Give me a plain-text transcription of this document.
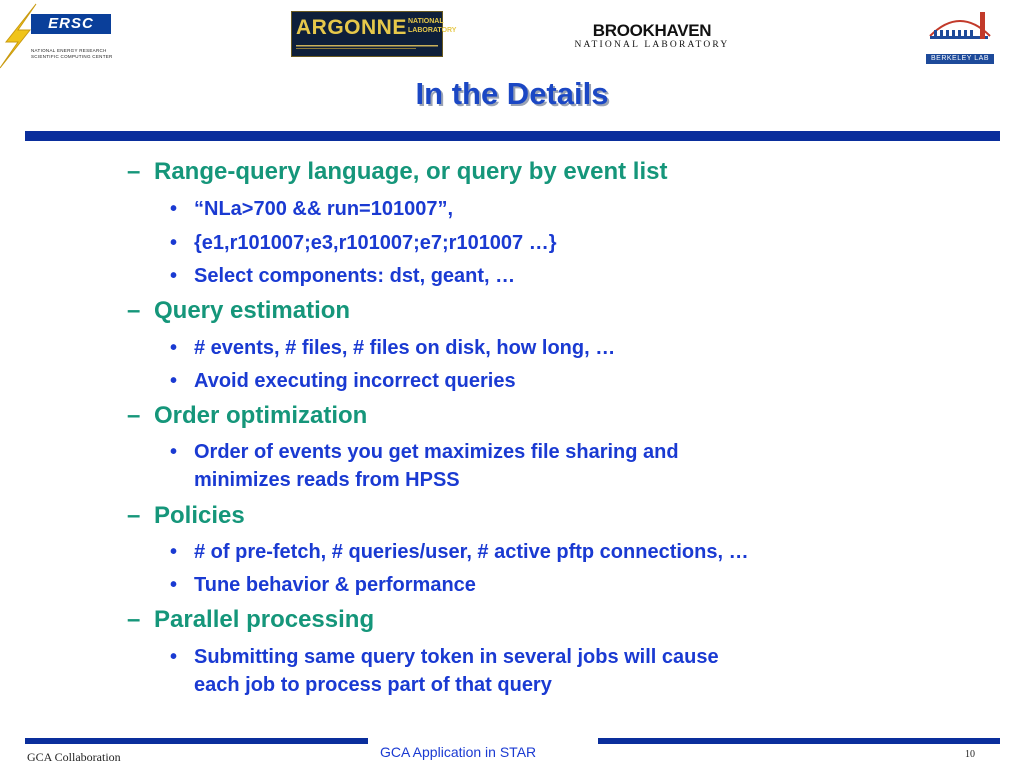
ERSC
NATIONAL ENERGY RESEARCH
SCIENTIFIC COMPUTING CENTER
ARGONNE NATIONAL
LABORATORY	BROOKHAVEN
NATIONAL LABORATORY
BERKELEY LAB
In the Details
– Range-query language, or query by event list
• “NLa>700 && run=101007”,
• {e1,r101007;e3,r101007;e7;r101007 …}
• Select components: dst, geant, …
– Query estimation
• # events, # files, # files on disk, how long, …
• Avoid executing incorrect queries
– Order optimization
• Order of events you get maximizes file sharing and
minimizes reads from HPSS
– Policies
• # of pre-fetch, # queries/user, # active pftp connections, …
• Tune behavior & performance
– Parallel processing
• Submitting same query token in several jobs will cause
each job to process part of that query
GCA Collaboration	GCA Application in STAR	10
